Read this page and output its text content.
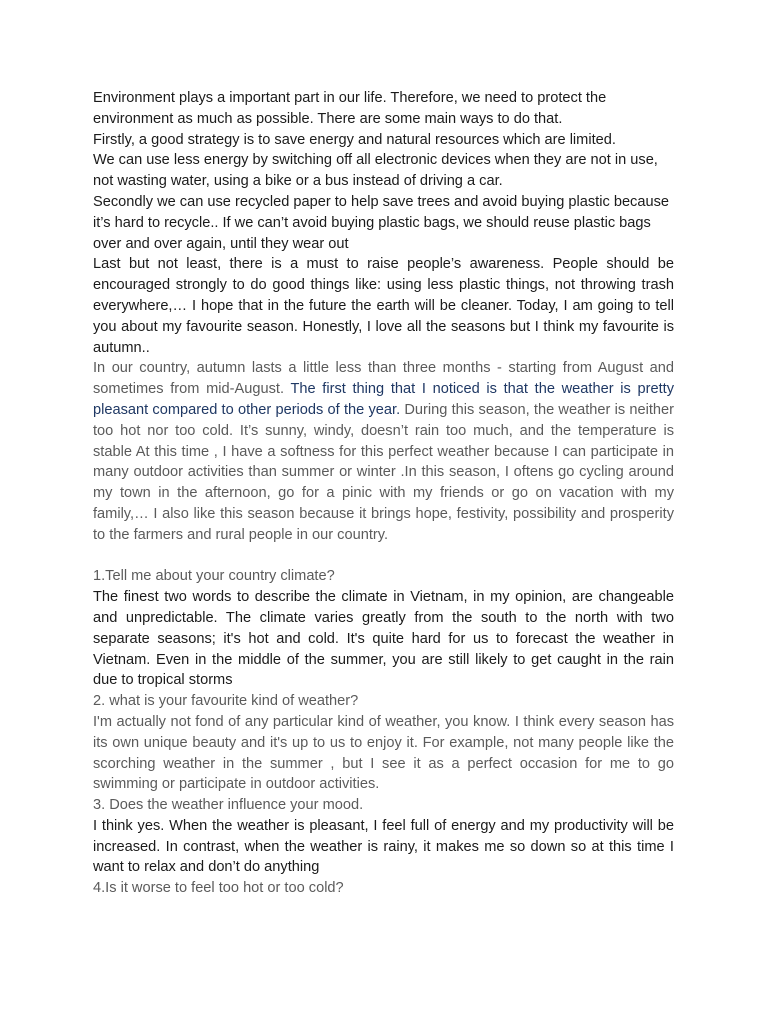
Environment plays a important part in our life. Therefore, we need to protect the environment as much as possible. There are some main ways to do that.

Firstly, a good strategy is to save energy and natural resources which are limited.

We can use less energy by switching off all electronic devices when they are not in use, not wasting water, using a bike or a bus instead of driving a car.

Secondly we can use recycled paper to help save trees and avoid buying plastic because it’s hard to recycle.. If we can’t avoid buying plastic bags, we should reuse plastic bags over and over again, until they wear out

Last but not least, there is a must to raise people’s awareness. People should be encouraged strongly to do good things like: using less plastic things, not throwing trash everywhere,… I hope that in the future the earth will be cleaner. Today, I am going to tell you about my favourite season. Honestly, I love all the seasons but I think my favourite is autumn..

In our country, autumn lasts a little less than three months - starting from August and sometimes from mid-August. The first thing that I noticed is that the weather is pretty pleasant compared to other periods of the year. During this season, the weather is neither too hot nor too cold. It’s sunny, windy, doesn’t rain too much, and the temperature is stable At this time , I have a softness for this perfect weather because I can participate in many outdoor activities than summer or winter .In this season, I oftens go cycling around my town in the afternoon, go for a pinic with my friends or go on vacation with my family,… I also like this season because it brings hope, festivity, possibility and prosperity to the farmers and rural people in our country.

1.Tell me about your country climate?

The finest two words to describe the climate in Vietnam, in my opinion, are changeable and unpredictable. The climate varies greatly from the south to the north with two separate seasons; it's hot and cold. It's quite hard for us to forecast the weather in Vietnam. Even in the middle of the summer, you are still likely to get caught in the rain due to tropical storms

2. what is your favourite kind of weather?

I'm actually not fond of any particular kind of weather, you know. I think every season has its own unique beauty and it's up to us to enjoy it. For example, not many people like the scorching weather in the summer , but I see it as a perfect occasion for me to go swimming or participate in outdoor activities.

3. Does the weather influence your mood.

I think yes. When the weather is pleasant, I feel full of energy and my productivity will be increased. In contrast, when the weather is rainy, it makes me so down so at this time I want to relax and don’t do anything

4.Is it worse to feel too hot or too cold?
